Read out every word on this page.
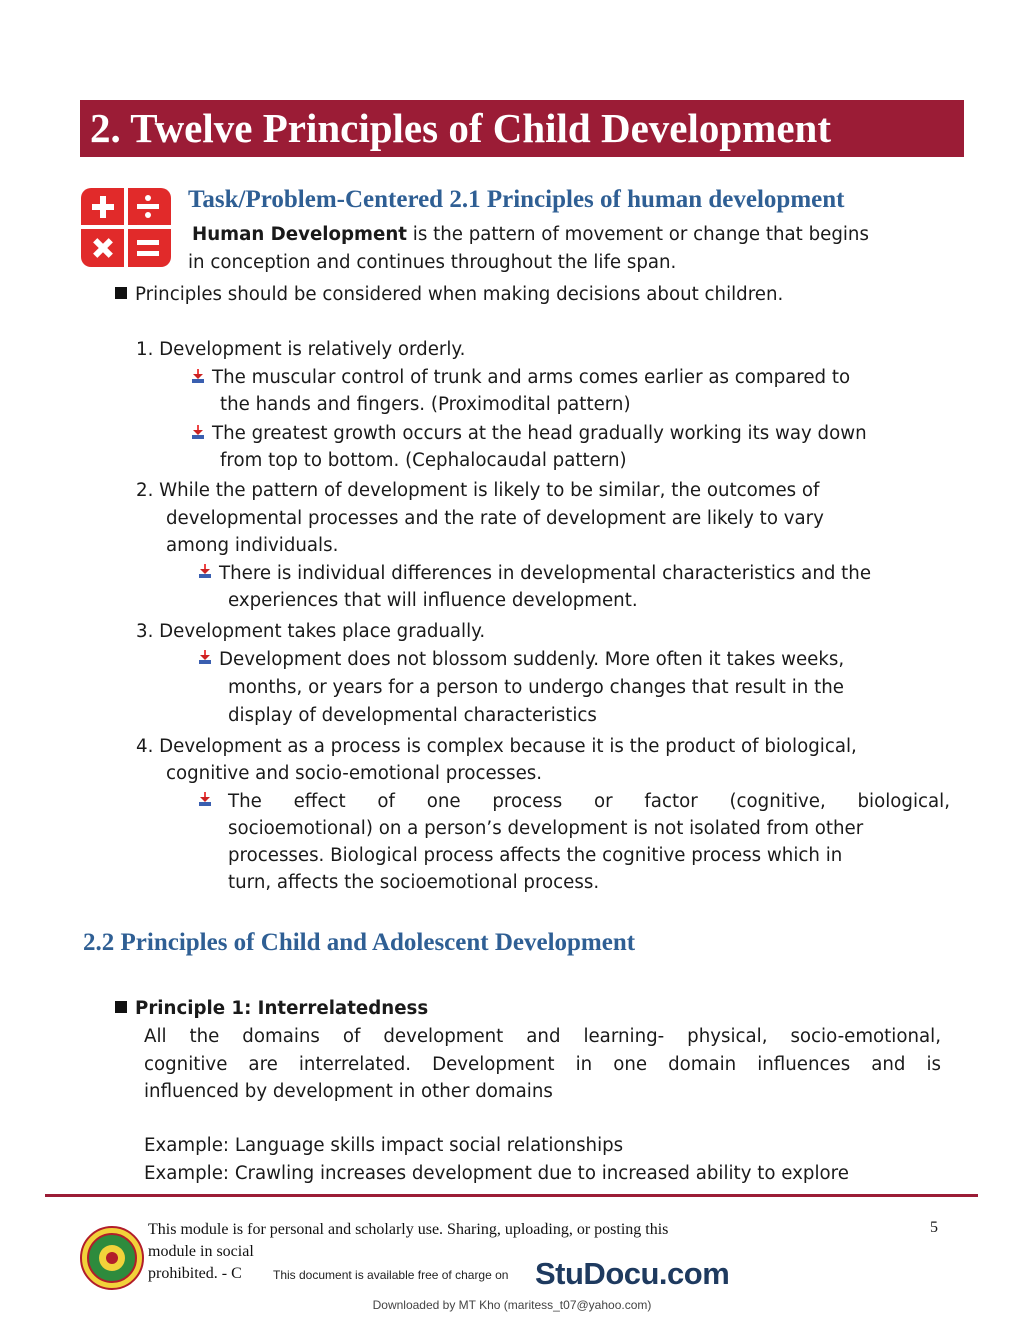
2. Twelve Principles of Child Development
Task/Problem-Centered 2.1 Principles of human development
Human Development is the pattern of movement or change that begins
in conception and continues throughout the life span.
Principles should be considered when making decisions about children.
1. Development is relatively orderly.
The muscular control of trunk and arms comes earlier as compared to
the hands and fingers. (Proximodital pattern)
The greatest growth occurs at the head gradually working its way down
from top to bottom. (Cephalocaudal pattern)
2. While the pattern of development is likely to be similar, the outcomes of
developmental processes and the rate of development are likely to vary
among individuals.
There is individual differences in developmental characteristics and the
experiences that will influence development.
3. Development takes place gradually.
Development does not blossom suddenly. More often it takes weeks,
months, or years for a person to undergo changes that result in the
display of developmental characteristics
4. Development as a process is complex because it is the product of biological,
cognitive and socio-emotional processes.
The effect of one process or factor (cognitive, biological,
socioemotional) on a person’s development is not isolated from other
processes. Biological process affects the cognitive process which in
turn, affects the socioemotional process.
2.2 Principles of Child and Adolescent Development
Principle 1: Interrelatedness
All the domains of development and learning- physical, socio-emotional,
cognitive are interrelated. Development in one domain influences and is
influenced by development in other domains
Example: Language skills impact social relationships
Example: Crawling increases development due to increased ability to explore
This module is for personal and scholarly use. Sharing, uploading, or posting this
module in social
prohibited. - C
5
This document is available free of charge on StuDocu.com
Downloaded by MT Kho (maritess_t07@yahoo.com)
